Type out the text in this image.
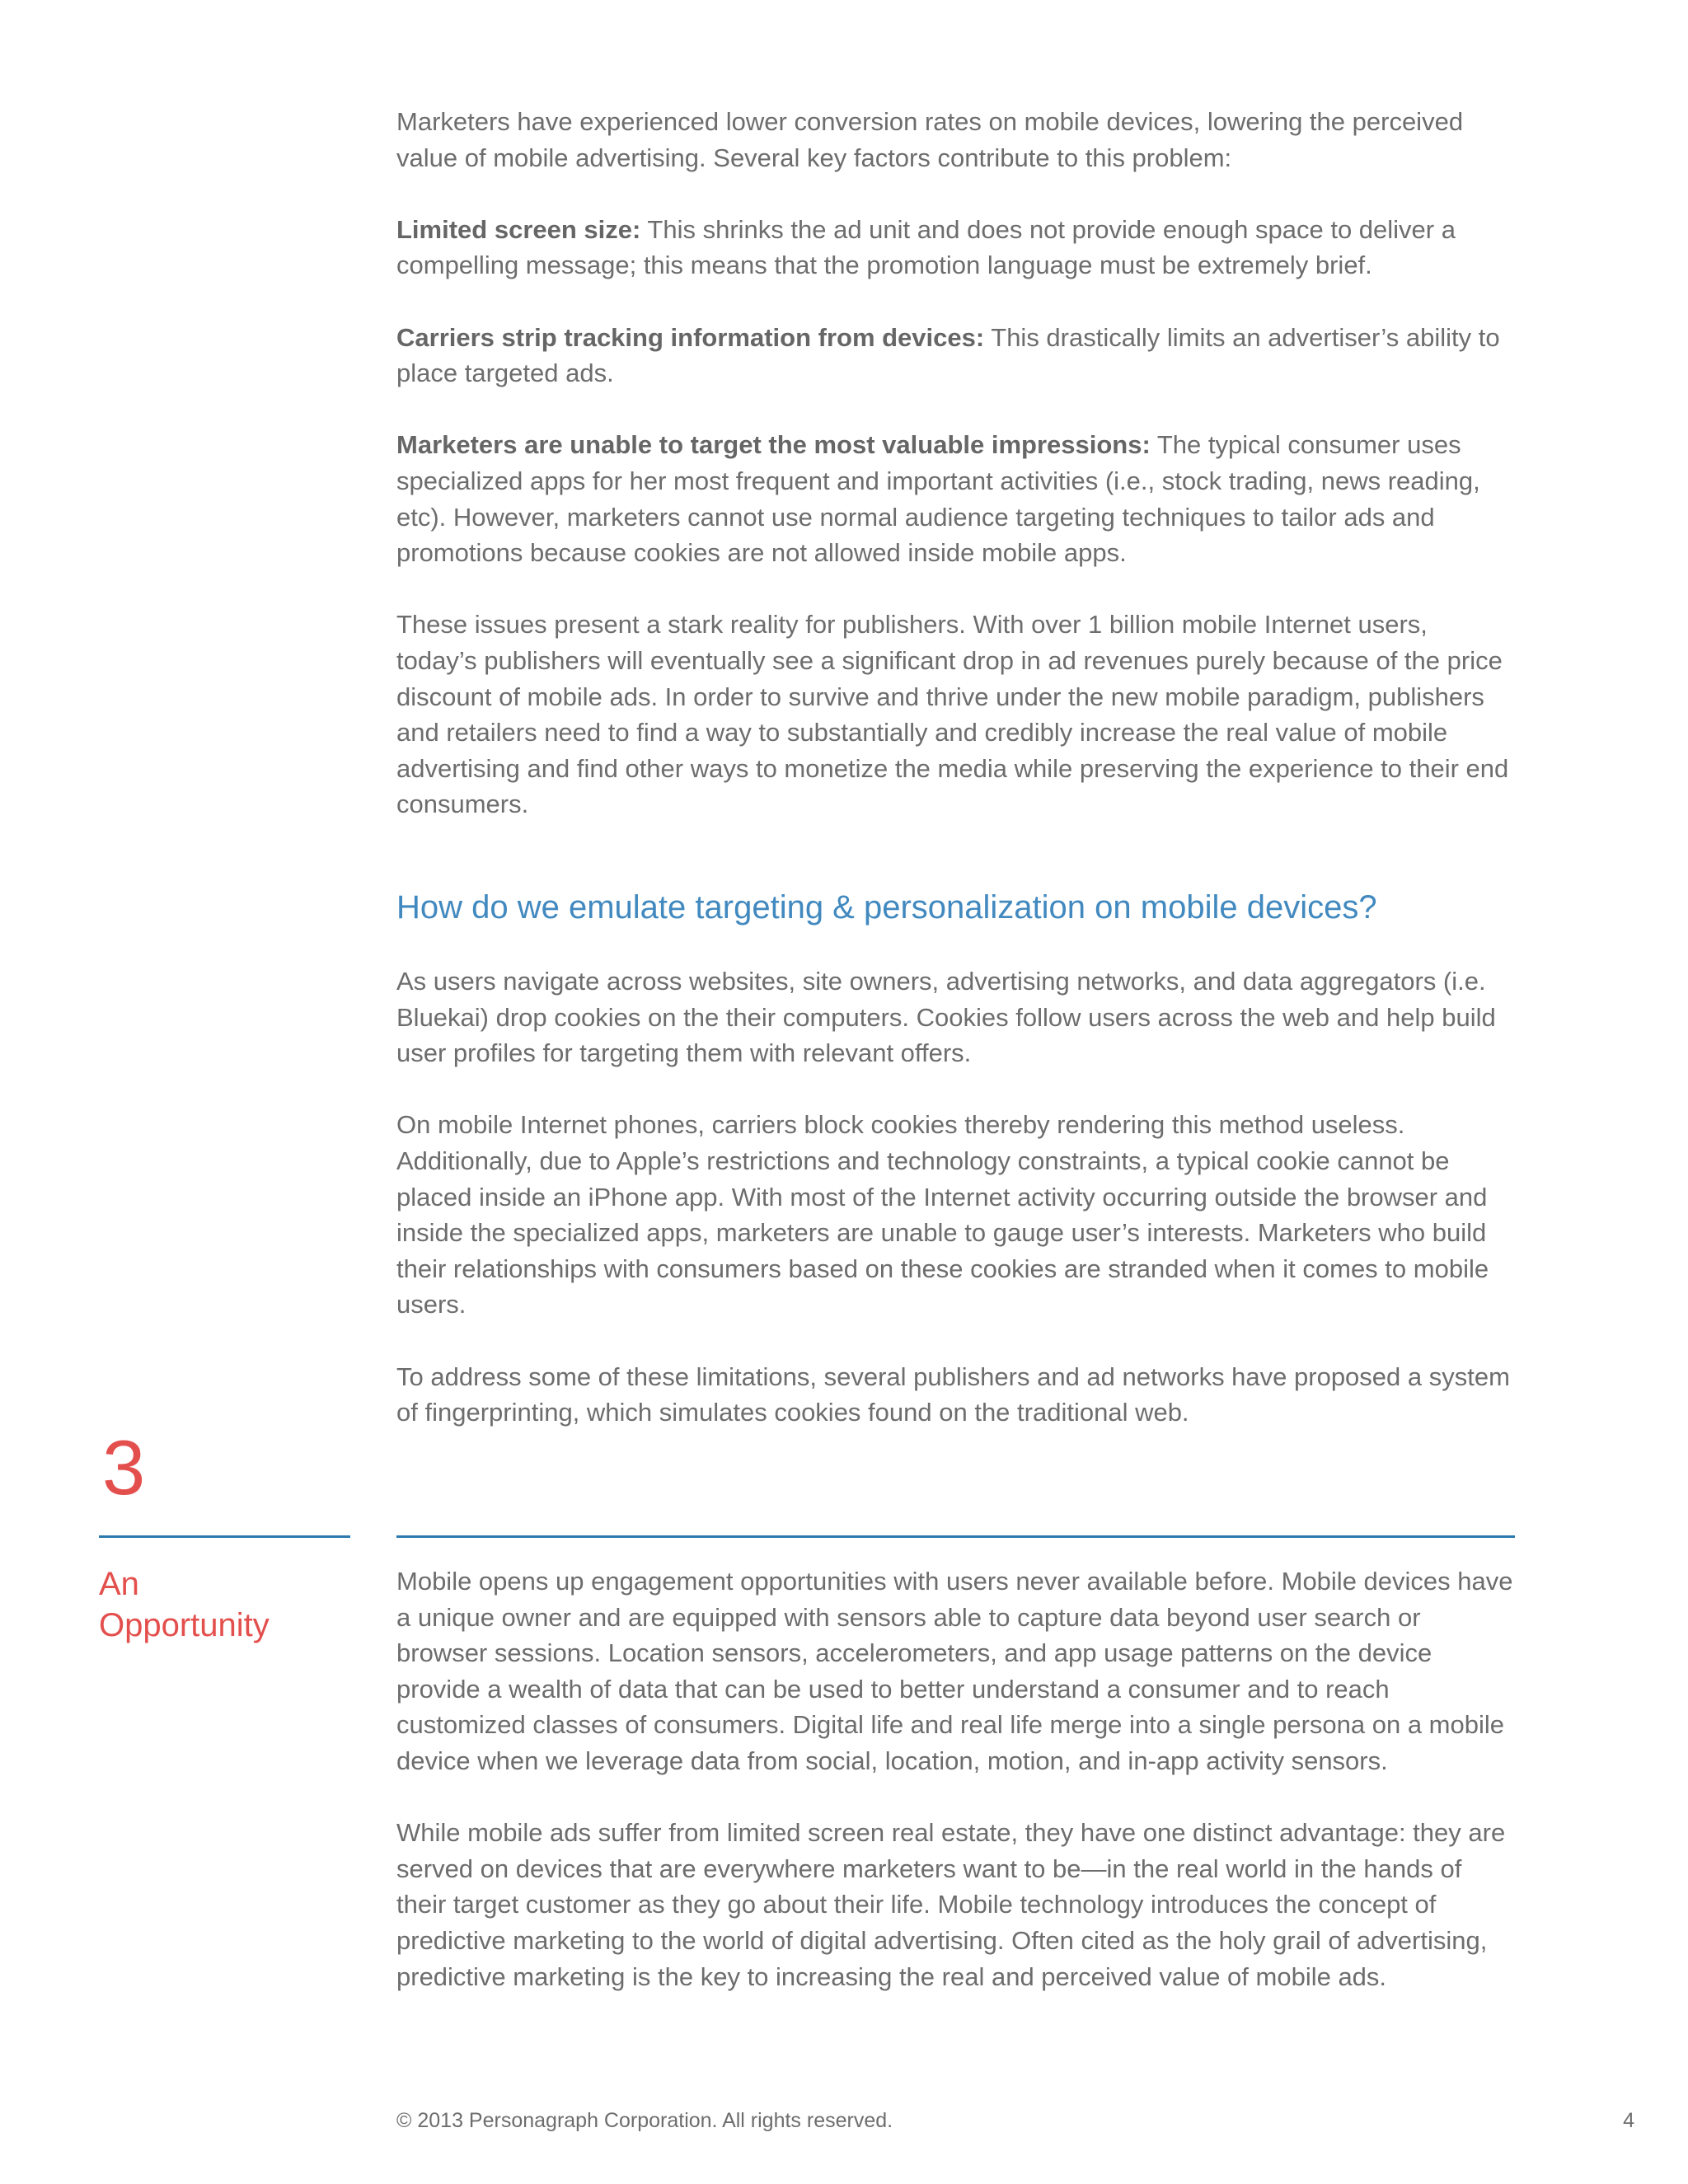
Marketers have experienced lower conversion rates on mobile devices, lowering the perceived value of mobile advertising. Several key factors contribute to this problem:

Limited screen size: This shrinks the ad unit and does not provide enough space to deliver a compelling message; this means that the promotion language must be extremely brief.

Carriers strip tracking information from devices: This drastically limits an advertiser’s ability to place targeted ads.

Marketers are unable to target the most valuable impressions: The typical consumer uses specialized apps for her most frequent and important activities (i.e., stock trading, news reading, etc). However, marketers cannot use normal audience targeting techniques to tailor ads and promotions because cookies are not allowed inside mobile apps.

These issues present a stark reality for publishers. With over 1 billion mobile Internet users, today’s publishers will eventually see a significant drop in ad revenues purely because of the price discount of mobile ads. In order to survive and thrive under the new mobile paradigm, publishers and retailers need to find a way to substantially and credibly increase the real value of mobile advertising and find other ways to monetize the media while preserving the experience to their end consumers.

How do we emulate targeting & personalization on mobile devices?

As users navigate across websites, site owners, advertising networks, and data aggregators (i.e. Bluekai) drop cookies on the their computers. Cookies follow users across the web and help build user profiles for targeting them with relevant offers.

On mobile Internet phones, carriers block cookies thereby rendering this method useless. Additionally, due to Apple’s restrictions and technology constraints, a typical cookie cannot be placed inside an iPhone app. With most of the Internet activity occurring outside the browser and inside the specialized apps, marketers are unable to gauge user’s interests. Marketers who build their relationships with consumers based on these cookies are stranded when it comes to mobile users.

To address some of these limitations, several publishers and ad networks have proposed a system of fingerprinting, which simulates cookies found on the traditional web.

3
An Opportunity

Mobile opens up engagement opportunities with users never available before. Mobile devices have a unique owner and are equipped with sensors able to capture data beyond user search or browser sessions. Location sensors, accelerometers, and app usage patterns on the device provide a wealth of data that can be used to better understand a consumer and to reach customized classes of consumers. Digital life and real life merge into a single persona on a mobile device when we leverage data from social, location, motion, and in-app activity sensors.

While mobile ads suffer from limited screen real estate, they have one distinct advantage: they are served on devices that are everywhere marketers want to be—in the real world in the hands of their target customer as they go about their life. Mobile technology introduces the concept of predictive marketing to the world of digital advertising. Often cited as the holy grail of advertising, predictive marketing is the key to increasing the real and perceived value of mobile ads.

© 2013 Personagraph Corporation. All rights reserved.	4
